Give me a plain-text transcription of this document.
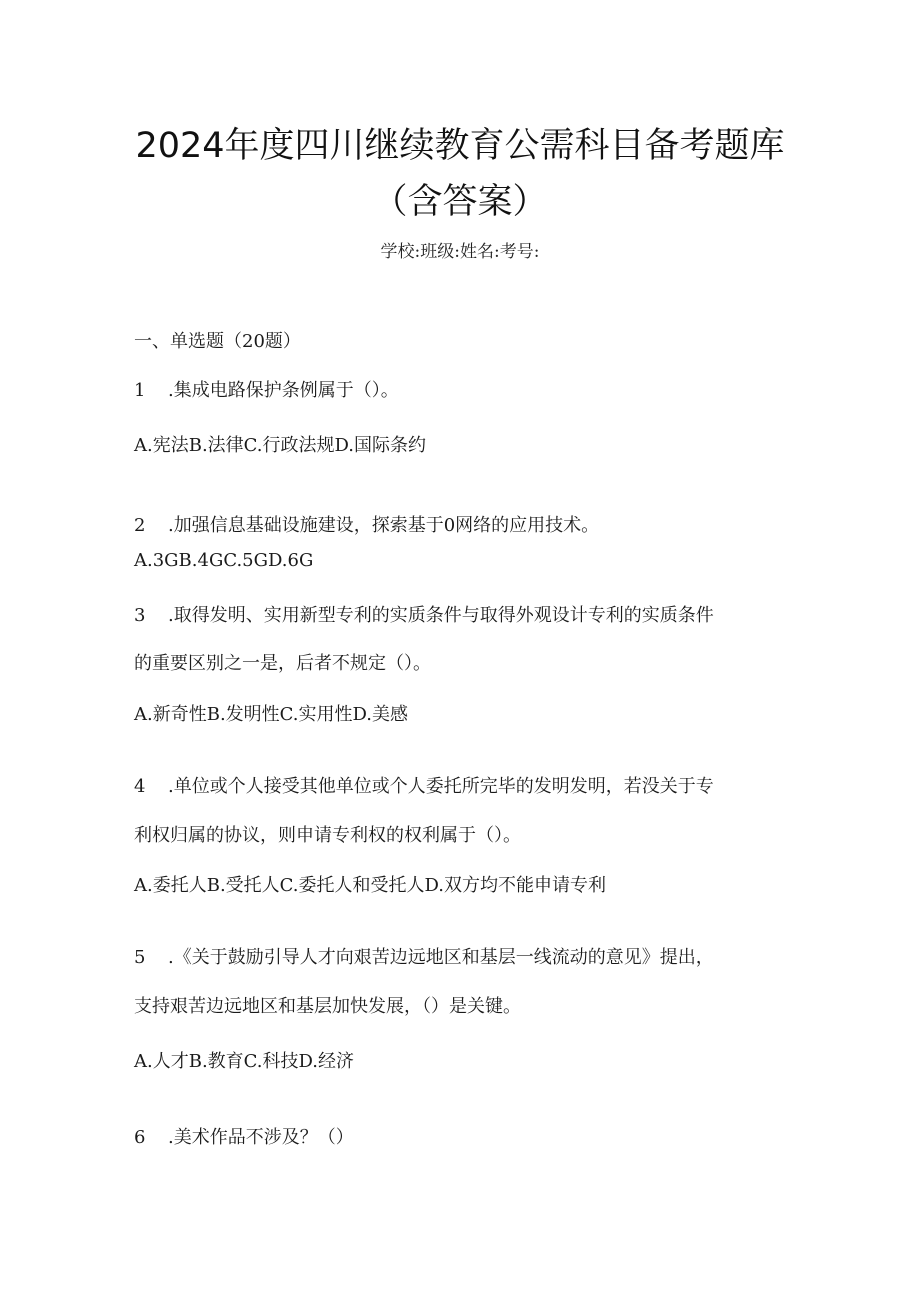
2024年度四川继续教育公需科目备考题库
（含答案）
学校:班级:姓名:考号:
一、单选题（20题）
1 .集成电路保护条例属于（）。
A.宪法B.法律C.行政法规D.国际条约
2 .加强信息基础设施建设，探索基于0网络的应用技术。
A.3GB.4GC.5GD.6G
3 .取得发明、实用新型专利的实质条件与取得外观设计专利的实质条件
的重要区别之一是，后者不规定（）。
A.新奇性B.发明性C.实用性D.美感
4 .单位或个人接受其他单位或个人委托所完毕的发明发明，若没关于专
利权归属的协议，则申请专利权的权利属于（）。
A.委托人B.受托人C.委托人和受托人D.双方均不能申请专利
5 .《关于鼓励引导人才向艰苦边远地区和基层一线流动的意见》提出，
支持艰苦边远地区和基层加快发展，（）是关键。
A.人才B.教育C.科技D.经济
6 .美术作品不涉及？（）
